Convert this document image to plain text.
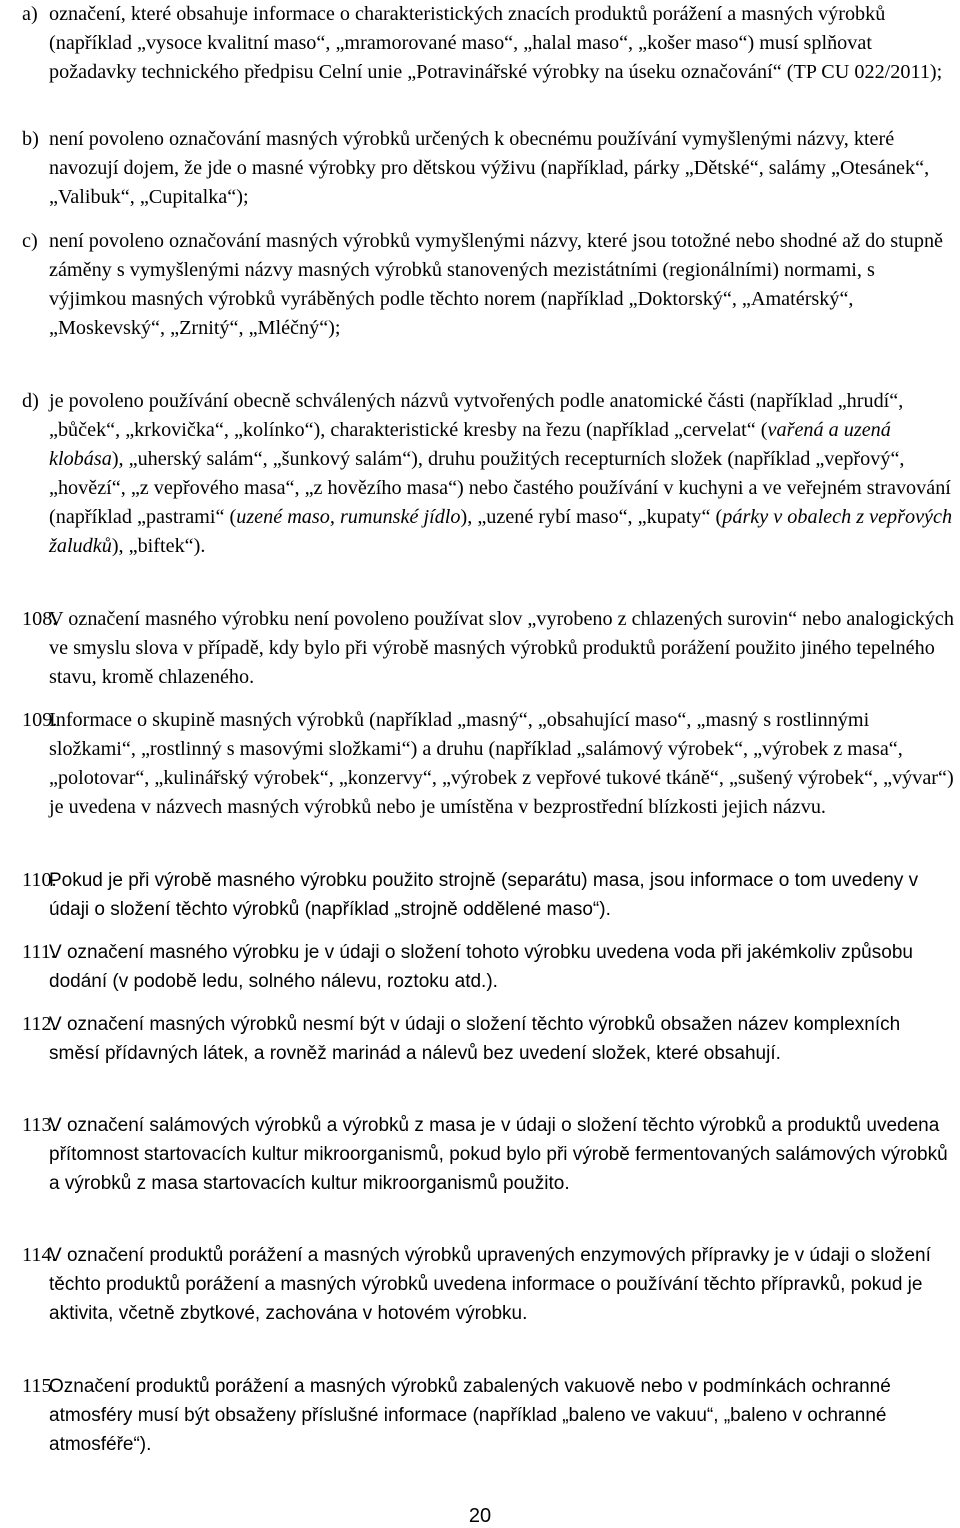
a) označení, které obsahuje informace o charakteristických znacích produktů porážení a masných výrobků (například „vysoce kvalitní maso“, „mramorované maso“, „halal maso“, „košer maso“) musí splňovat požadavky technického předpisu Celní unie „Potravinářské výrobky na úseku označování“ (TP CU 022/2011);
b) není povoleno označování masných výrobků určených k obecnému používání vymyšlenými názvy, které navozují dojem, že jde o masné výrobky pro dětskou výživu (například, párky „Dětské“, salámy „Otesánek“, „Valibuk“, „Cupitalka“);
c) není povoleno označování masných výrobků vymyšlenými názvy, které jsou totožné nebo shodné až do stupně záměny s vymyšlenými názvy masných výrobků stanovených mezistátními (regionálními) normami, s výjimkou masných výrobků vyráběných podle těchto norem (například „Doktorský“, „Amatérský“, „Moskevský“, „Zrnitý“, „Mléčný“);
d) je povoleno používání obecně schválených názvů vytvořených podle anatomické části (například „hrudí“, „bůček“, „krkovička“, „kolínko“), charakteristické kresby na řezu (například „cervelat“ (vařená a uzená klobása), „uherský salám“, „šunkový salám“), druhu použitých recepturních složek (například „vepřový“, „hovězí“, „z vepřového masa“, „z hovězího masa“) nebo častého používání v kuchyni a ve veřejném stravování (například „pastrami“ (uzené maso, rumunské jídlo), „uzené rybí maso“, „kupaty“ (párky v obalech z vepřových žaludků), „biftek“).
108.
V označení masného výrobku není povoleno používat slov „vyrobeno z chlazených surovin“ nebo analogických ve smyslu slova v případě, kdy bylo při výrobě masných výrobků produktů porážení použito jiného tepelného stavu, kromě chlazeného.
109.
Informace o skupině masných výrobků (například „masný“, „obsahující maso“, „masný s rostlinnými složkami“, „rostlinný s masovými složkami“) a druhu (například „salámový výrobek“, „výrobek z masa“, „polotovar“, „kulinářský výrobek“, „konzervy“, „výrobek z vepřové tukové tkáně“, „sušený výrobek“, „vývar“) je uvedena v názvech masných výrobků nebo je umístěna v bezprostřední blízkosti jejich názvu.
110.
Pokud je při výrobě masného výrobku použito strojně (separátu) masa, jsou informace o tom uvedeny v údaji o složení těchto výrobků (například „strojně oddělené maso“).
111.
V označení masného výrobku je v údaji o složení tohoto výrobku uvedena voda při jakémkoliv způsobu dodání (v podobě ledu, solného nálevu, roztoku atd.).
112.
V označení masných výrobků nesmí být v údaji o složení těchto výrobků obsažen název komplexních směsí přídavných látek, a rovněž marinád a nálevů bez uvedení složek, které obsahují.
113.
V označení salámových výrobků a výrobků z masa je v údaji o složení těchto výrobků a produktů uvedena přítomnost startovacích kultur mikroorganismů, pokud bylo při výrobě fermentovaných salámových výrobků a výrobků z masa startovacích kultur mikroorganismů použito.
114.
V označení produktů porážení a masných výrobků upravených enzymových přípravky je v údaji o složení těchto produktů porážení a masných výrobků uvedena informace o používání těchto přípravků, pokud je aktivita, včetně zbytkové, zachována v hotovém výrobku.
115.
Označení produktů porážení a masných výrobků zabalených vakuově nebo v podmínkách ochranné atmosféry musí být obsaženy příslušné informace (například „baleno ve vakuu“, „baleno v ochranné atmosféře“).
20
